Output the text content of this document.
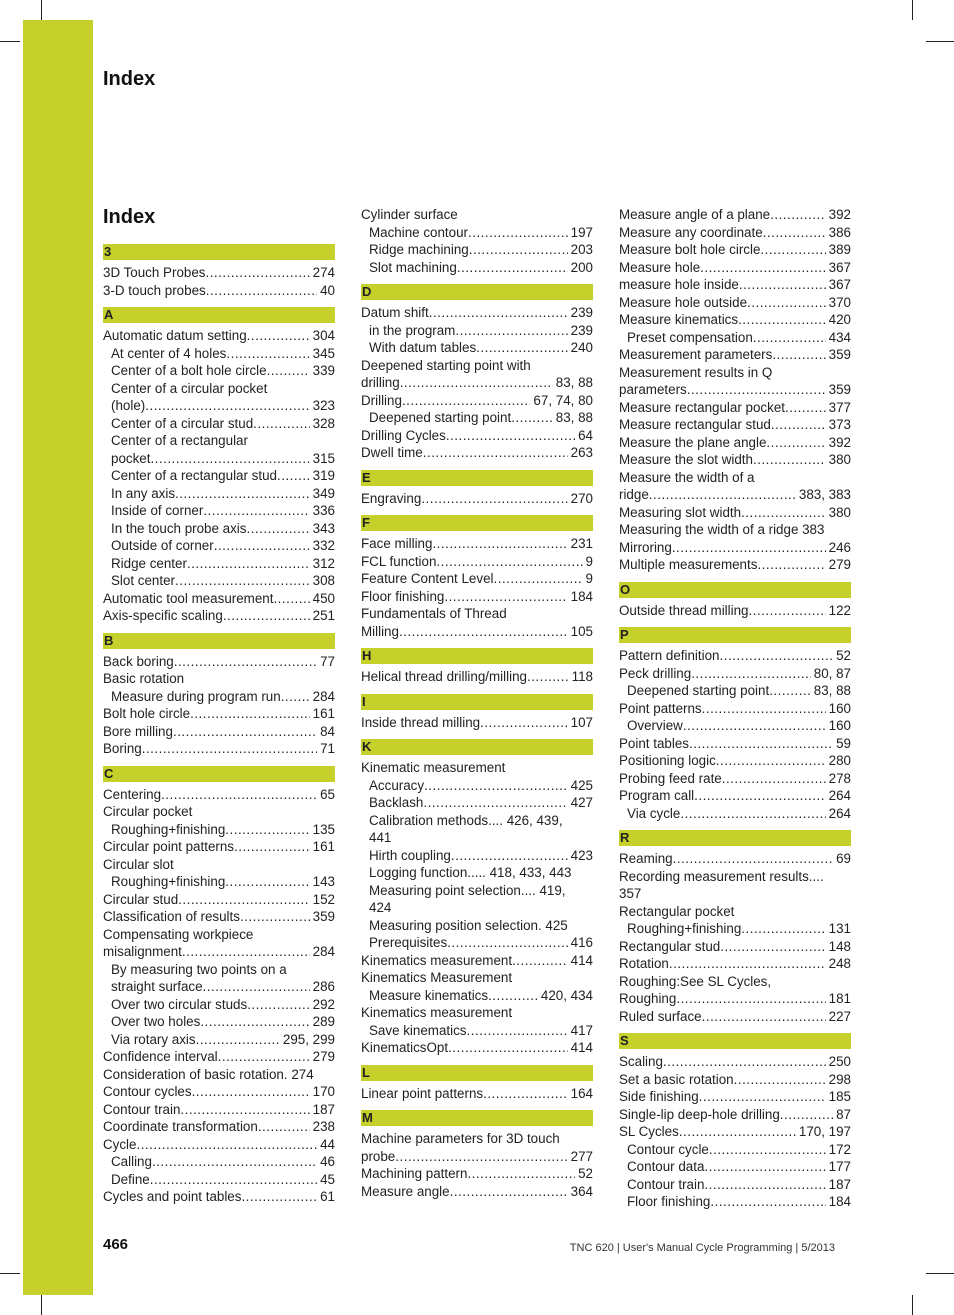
Index
Index
3
3D Touch Probes .....	274
3-D touch probes .....	40
A
Automatic datum setting .....	304
At center of 4 holes .....	345
Center of a bolt hole circle .....	339
Center of a circular pocket
(hole) .....	323
Center of a circular stud .....	328
Center of a rectangular
pocket .....	315
Center of a rectangular stud .....	319
In any axis .....	349
Inside of corner .....	336
In the touch probe axis .....	343
Outside of corner .....	332
Ridge center .....	312
Slot center .....	308
Automatic tool measurement .....	450
Axis-specific scaling .....	251
B
Back boring .....	77
Basic rotation
Measure during program run ..... 284
Bolt hole circle .....	161
Bore milling .....	84
Boring .....	71
C
Centering .....	65
Circular pocket
Roughing+finishing .....	135
Circular point patterns .....	161
Circular slot
Roughing+finishing .....	143
Circular stud .....	152
Classification of results .....	359
Compensating workpiece
misalignment .....	284
By measuring two points on a
straight surface .....	286
Over two circular studs .....	292
Over two holes .....	289
Via rotary axis .....	295, 299
Confidence interval .....	279
Consideration of basic rotation. 274
Contour cycles .....	170
Contour train .....	187
Coordinate transformation .....	238
Cycle .....	44
Calling .....	46
Define .....	45
Cycles and point tables .....	61
Cylinder surface
Machine contour .....	197
Ridge machining .....	203
Slot machining .....	200
D
Datum shift .....	239
in the program .....	239
With datum tables .....	240
Deepened starting point with
drilling .....	83, 88
Drilling .....	67, 74, 80
Deepened starting point .....	83, 88
Drilling Cycles .....	64
Dwell time .....	263
E
Engraving .....	270
F
Face milling .....	231
FCL function .....	9
Feature Content Level .....	9
Floor finishing .....	184
Fundamentals of Thread
Milling .....	105
H
Helical thread drilling/milling .....	118
I
Inside thread milling .....	107
K
Kinematic measurement
Accuracy .....	425
Backlash .....	427
Calibration methods.... 426, 439,
441
Hirth coupling .....	423
Logging function..... 418, 433, 443
Measuring point selection.... 419,
424
Measuring position selection. 425
Prerequisites .....	416
Kinematics measurement .....	414
Kinematics Measurement
Measure kinematics .....	420, 434
Kinematics measurement
Save kinematics .....	417
KinematicsOpt .....	414
L
Linear point patterns .....	164
M
Machine parameters for 3D touch
probe .....	277
Machining pattern .....	52
Measure angle .....	364
Measure angle of a plane .....	392
Measure any coordinate .....	386
Measure bolt hole circle .....	389
Measure hole .....	367
measure hole inside .....	367
Measure hole outside .....	370
Measure kinematics .....	420
Preset compensation .....	434
Measurement parameters .....	359
Measurement results in Q
parameters .....	359
Measure rectangular pocket .....	377
Measure rectangular stud .....	373
Measure the plane angle .....	392
Measure the slot width .....	380
Measure the width of a
ridge .....	383, 383
Measuring slot width .....	380
Measuring the width of a ridge 383
Mirroring .....	246
Multiple measurements .....	279
O
Outside thread milling .....	122
P
Pattern definition .....	52
Peck drilling .....	80, 87
Deepened starting point .....	83, 88
Point patterns .....	160
Overview .....	160
Point tables .....	59
Positioning logic .....	280
Probing feed rate .....	278
Program call .....	264
Via cycle .....	264
R
Reaming .....	69
Recording measurement results....
357
Rectangular pocket
Roughing+finishing .....	131
Rectangular stud .....	148
Rotation .....	248
Roughing:See SL Cycles,
Roughing .....	181
Ruled surface .....	227
S
Scaling .....	250
Set a basic rotation .....	298
Side finishing .....	185
Single-lip deep-hole drilling .....	87
SL Cycles .....	170, 197
Contour cycle .....	172
Contour data .....	177
Contour train .....	187
Floor finishing .....	184
466	TNC 620 | User's Manual Cycle Programming | 5/2013
